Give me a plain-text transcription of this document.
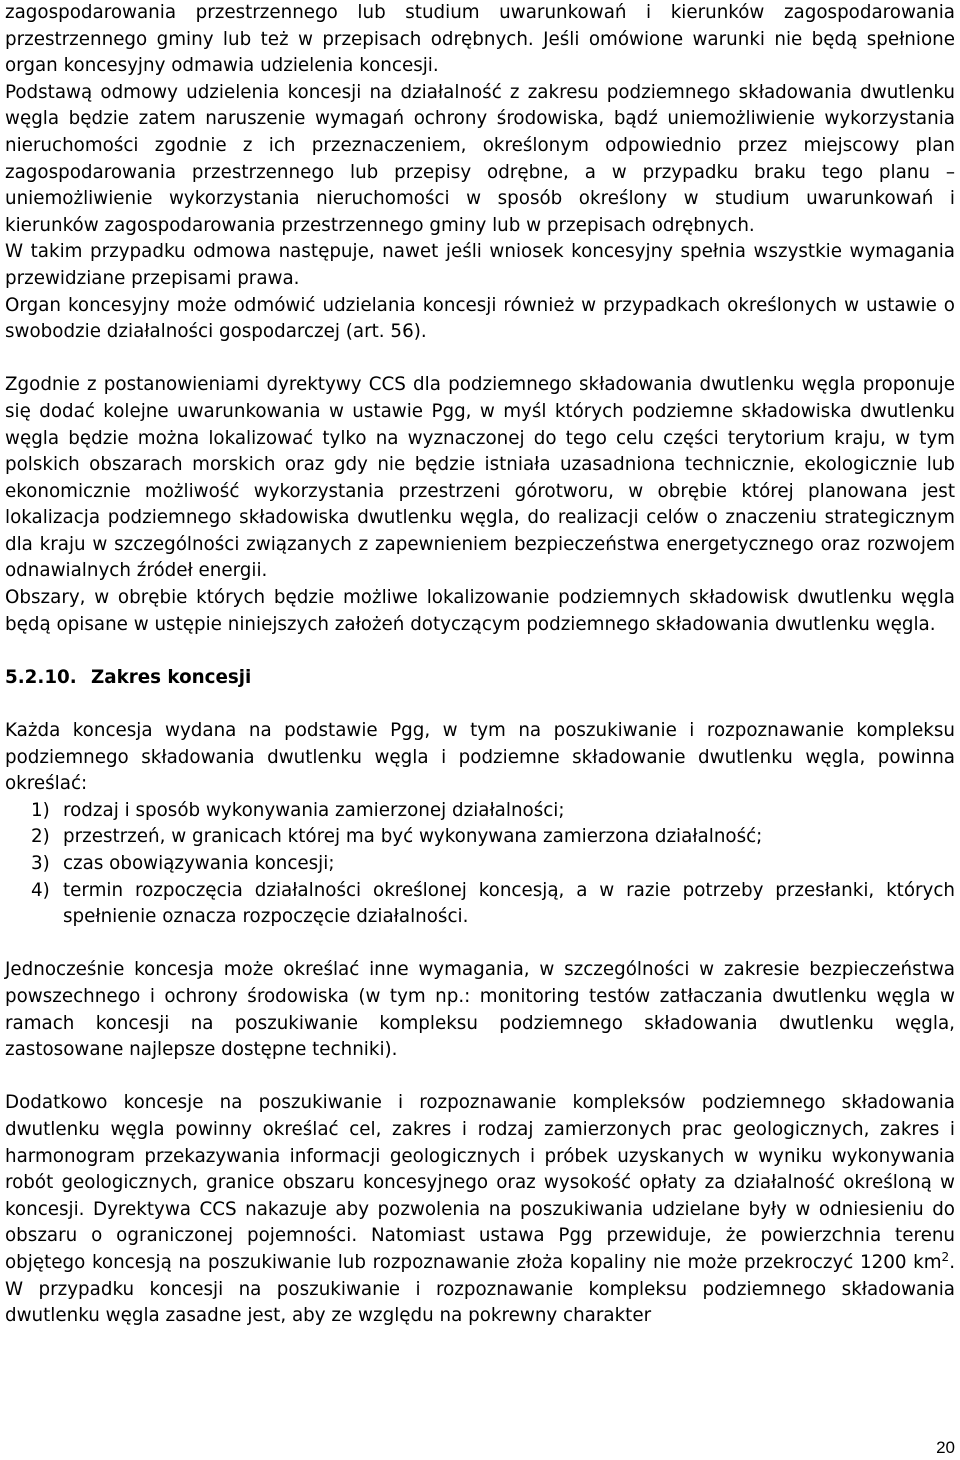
zagospodarowania przestrzennego lub studium uwarunkowań i kierunków zagospodarowania przestrzennego gminy lub też w przepisach odrębnych. Jeśli omówione warunki nie będą spełnione organ koncesyjny odmawia udzielenia koncesji.

Podstawą odmowy udzielenia koncesji na działalność z zakresu podziemnego składowania dwutlenku węgla będzie zatem naruszenie wymagań ochrony środowiska, bądź uniemożliwienie wykorzystania nieruchomości zgodnie z ich przeznaczeniem, określonym odpowiednio przez miejscowy plan zagospodarowania przestrzennego lub przepisy odrębne, a w przypadku braku tego planu – uniemożliwienie wykorzystania nieruchomości w sposób określony w studium uwarunkowań i kierunków zagospodarowania przestrzennego gminy lub w przepisach odrębnych.

W takim przypadku odmowa następuje, nawet jeśli wniosek koncesyjny spełnia wszystkie wymagania przewidziane przepisami prawa.

Organ koncesyjny może odmówić udzielania koncesji również w przypadkach określonych w ustawie o swobodzie działalności gospodarczej (art. 56).

Zgodnie z postanowieniami dyrektywy CCS dla podziemnego składowania dwutlenku węgla proponuje się dodać kolejne uwarunkowania w ustawie Pgg, w myśl których podziemne składowiska dwutlenku węgla będzie można lokalizować tylko na wyznaczonej do tego celu części terytorium kraju, w tym polskich obszarach morskich oraz gdy nie będzie istniała uzasadniona technicznie, ekologicznie lub ekonomicznie możliwość wykorzystania przestrzeni górotworu, w obrębie której planowana jest lokalizacja podziemnego składowiska dwutlenku węgla, do realizacji celów o znaczeniu strategicznym dla kraju w szczególności związanych z zapewnieniem bezpieczeństwa energetycznego oraz rozwojem odnawialnych źródeł energii.

Obszary, w obrębie których będzie możliwe lokalizowanie podziemnych składowisk dwutlenku węgla będą opisane w ustępie niniejszych założeń dotyczącym podziemnego składowania dwutlenku węgla.

5.2.10. Zakres koncesji

Każda koncesja wydana na podstawie Pgg, w tym na poszukiwanie i rozpoznawanie kompleksu podziemnego składowania dwutlenku węgla i podziemne składowanie dwutlenku węgla, powinna określać:

1) rodzaj i sposób wykonywania zamierzonej działalności;
2) przestrzeń, w granicach której ma być wykonywana zamierzona działalność;
3) czas obowiązywania koncesji;
4) termin rozpoczęcia działalności określonej koncesją, a w razie potrzeby przesłanki, których spełnienie oznacza rozpoczęcie działalności.

Jednocześnie koncesja może określać inne wymagania, w szczególności w zakresie bezpieczeństwa powszechnego i ochrony środowiska (w tym np.: monitoring testów zatłaczania dwutlenku węgla w ramach koncesji na poszukiwanie kompleksu podziemnego składowania dwutlenku węgla, zastosowane najlepsze dostępne techniki).

Dodatkowo koncesje na poszukiwanie i rozpoznawanie kompleksów podziemnego składowania dwutlenku węgla powinny określać cel, zakres i rodzaj zamierzonych prac geologicznych, zakres i harmonogram przekazywania informacji geologicznych i próbek uzyskanych w wyniku wykonywania robót geologicznych, granice obszaru koncesyjnego oraz wysokość opłaty za działalność określoną w koncesji. Dyrektywa CCS nakazuje aby pozwolenia na poszukiwania udzielane były w odniesieniu do obszaru o ograniczonej pojemności. Natomiast ustawa Pgg przewiduje, że powierzchnia terenu objętego koncesją na poszukiwanie lub rozpoznawanie złoża kopaliny nie może przekroczyć 1200 $km^2$. W przypadku koncesji na poszukiwanie i rozpoznawanie kompleksu podziemnego składowania dwutlenku węgla zasadne jest, aby ze względu na pokrewny charakter

20
